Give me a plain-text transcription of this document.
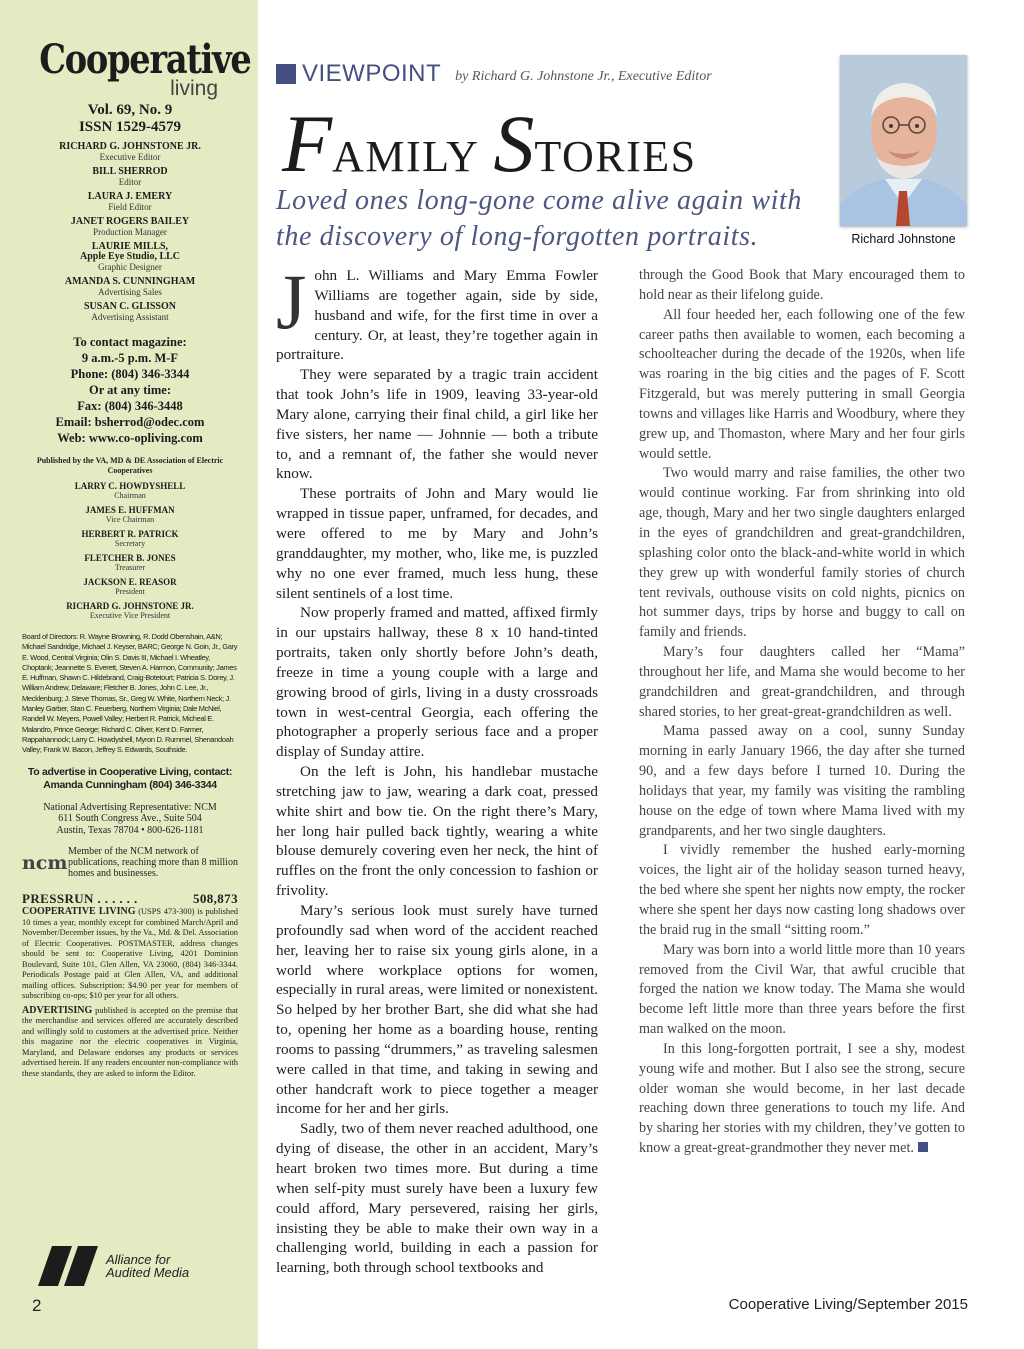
Cooperative
living
Vol. 69, No. 9
ISSN 1529-4579
RICHARD G. JOHNSTONE JR.
Executive Editor
BILL SHERROD
Editor
LAURA J. EMERY
Field Editor
JANET ROGERS BAILEY
Production Manager
LAURIE MILLS,
Apple Eye Studio, LLC
Graphic Designer
AMANDA S. CUNNINGHAM
Advertising Sales
SUSAN C. GLISSON
Advertising Assistant
To contact magazine:
9 a.m.-5 p.m. M-F
Phone: (804) 346-3344
Or at any time:
Fax: (804) 346-3448
Email: bsherrod@odec.com
Web: www.co-opliving.com
Published by the VA, MD & DE Association of Electric Cooperatives
LARRY C. HOWDYSHELL
Chairman
JAMES E. HUFFMAN
Vice Chairman
HERBERT R. PATRICK
Secretary
FLETCHER B. JONES
Treasurer
JACKSON E. REASOR
President
RICHARD G. JOHNSTONE JR.
Executive Vice President
Board of Directors: R. Wayne Browning, R. Dodd Obenshain, A&N; Michael Sandridge, Michael J. Keyser, BARC; George N. Goin, Jr., Gary E. Wood, Central Virginia; Olin S. Davis III, Michael I. Wheatley, Choptank; Jeannette S. Everett, Steven A. Harmon, Community; James E. Huffman, Shawn C. Hildebrand, Craig-Botetourt; Patricia S. Dorey, J. William Andrew, Delaware; Fletcher B. Jones, John C. Lee, Jr., Mecklenburg; J. Steve Thomas, Sr., Greg W. White, Northern Neck; J. Manley Garber, Stan C. Feuerberg, Northern Virginia; Dale McNiel, Randell W. Meyers, Powell Valley; Herbert R. Patrick, Micheal E. Malandro, Prince George; Richard C. Oliver, Kent D. Farmer, Rappahannock; Larry C. Howdyshell, Myron D. Rummel, Shenandoah Valley; Frank W. Bacon, Jeffrey S. Edwards, Southside.
To advertise in Cooperative Living, contact:
Amanda Cunningham (804) 346-3344
National Advertising Representative: NCM
611 South Congress Ave., Suite 504
Austin, Texas 78704 • 800-626-1181
ncm Member of the NCM network of publications, reaching more than 8 million homes and businesses.
PRESSRUN . . . . . .	508,873
COOPERATIVE LIVING (USPS 473-300) is published 10 times a year, monthly except for combined March/April and November/December issues, by the Va., Md. & Del. Association of Electric Cooperatives. POSTMASTER, address changes should be sent to: Cooperative Living, 4201 Dominion Boulevard, Suite 101, Glen Allen, VA 23060, (804) 346-3344. Periodicals Postage paid at Glen Allen, VA, and additional mailing offices. Subscription: $4.90 per year for members of subscribing co-ops; $10 per year for all others.
ADVERTISING published is accepted on the premise that the merchandise and services offered are accurately described and willingly sold to customers at the advertised price. Neither this magazine nor the electric cooperatives in Virginia, Maryland, and Delaware endorses any products or services advertised herein. If any readers encounter non-compliance with these standards, they are asked to inform the Editor.
Alliance for
Audited Media
2
VIEWPOINT by Richard G. Johnstone Jr., Executive Editor
FAMILY STORIES
Loved ones long-gone come alive again with the discovery of long-forgotten portraits.	Richard Johnstone

John L. Williams and Mary Emma Fowler Williams are together again, side by side, husband and wife, for the first time in over a century. Or, at least, they’re together again in portraiture.

They were separated by a tragic train accident that took John’s life in 1909, leaving 33-year-old Mary alone, carrying their final child, a girl like her five sisters, her name — Johnnie — both a tribute to, and a remnant of, the father she would never know.

These portraits of John and Mary would lie wrapped in tissue paper, unframed, for decades, and were offered to me by Mary and John’s granddaughter, my mother, who, like me, is puzzled why no one ever framed, much less hung, these silent sentinels of a lost time.

Now properly framed and matted, affixed firmly in our upstairs hallway, these 8 x 10 hand-tinted portraits, taken only shortly before John’s death, freeze in time a young couple with a large and growing brood of girls, living in a dusty crossroads town in west-central Georgia, each offering the photographer a properly serious face and a proper display of Sunday attire.

On the left is John, his handlebar mustache stretching jaw to jaw, wearing a dark coat, pressed white shirt and bow tie. On the right there’s Mary, her long hair pulled back tightly, wearing a white blouse demurely covering even her neck, the hint of ruffles on the front the only concession to fashion or frivolity.

Mary’s serious look must surely have turned profoundly sad when word of the accident reached her, leaving her to raise six young girls alone, in a world where workplace options for women, especially in rural areas, were limited or nonexistent. So helped by her brother Bart, she did what she had to, opening her home as a boarding house, renting rooms to passing “drummers,” as traveling salesmen were called in that time, and taking in sewing and other handcraft work to piece together a meager income for her and her girls.

Sadly, two of them never reached adulthood, one dying of disease, the other in an accident, Mary’s heart broken two times more. But during a time when self-pity must surely have been a luxury few could afford, Mary persevered, raising her girls, insisting they be able to make their own way in a challenging world, building in each a passion for learning, both through school textbooks and

through the Good Book that Mary encouraged them to hold near as their lifelong guide.

All four heeded her, each following one of the few career paths then available to women, each becoming a schoolteacher during the decade of the 1920s, when life was roaring in the big cities and the pages of F. Scott Fitzgerald, but was merely puttering in small Georgia towns and villages like Harris and Woodbury, where they grew up, and Thomaston, where Mary and her four girls would settle.

Two would marry and raise families, the other two would continue working. Far from shrinking into old age, though, Mary and her two single daughters enlarged in the eyes of grandchildren and great-grandchildren, splashing color onto the black-and-white world in which they grew up with wonderful family stories of church tent revivals, outhouse visits on cold nights, picnics on hot summer days, trips by horse and buggy to call on family and friends.

Mary’s four daughters called her “Mama” throughout her life, and Mama she would become to her grandchildren and great-grandchildren, and through shared stories, to her great-great-grandchildren as well.

Mama passed away on a cool, sunny Sunday morning in early January 1966, the day after she turned 90, and a few days before I turned 10. During the holidays that year, my family was visiting the rambling house on the edge of town where Mama lived with my grandparents, and her two single daughters.

I vividly remember the hushed early-morning voices, the light air of the holiday season turned heavy, the bed where she spent her nights now empty, the rocker where she spent her days now casting long shadows over the braid rug in the small “sitting room.”

Mary was born into a world little more than 10 years removed from the Civil War, that awful crucible that forged the nation we know today. The Mama she would become left little more than three years before the first man walked on the moon.

In this long-forgotten portrait, I see a shy, modest young wife and mother. But I also see the strong, secure older woman she would become, in her last decade reaching down three generations to touch my life. And by sharing her stories with my children, they’ve gotten to know a great-great-grandmother they never met.

Cooperative Living/September 2015
